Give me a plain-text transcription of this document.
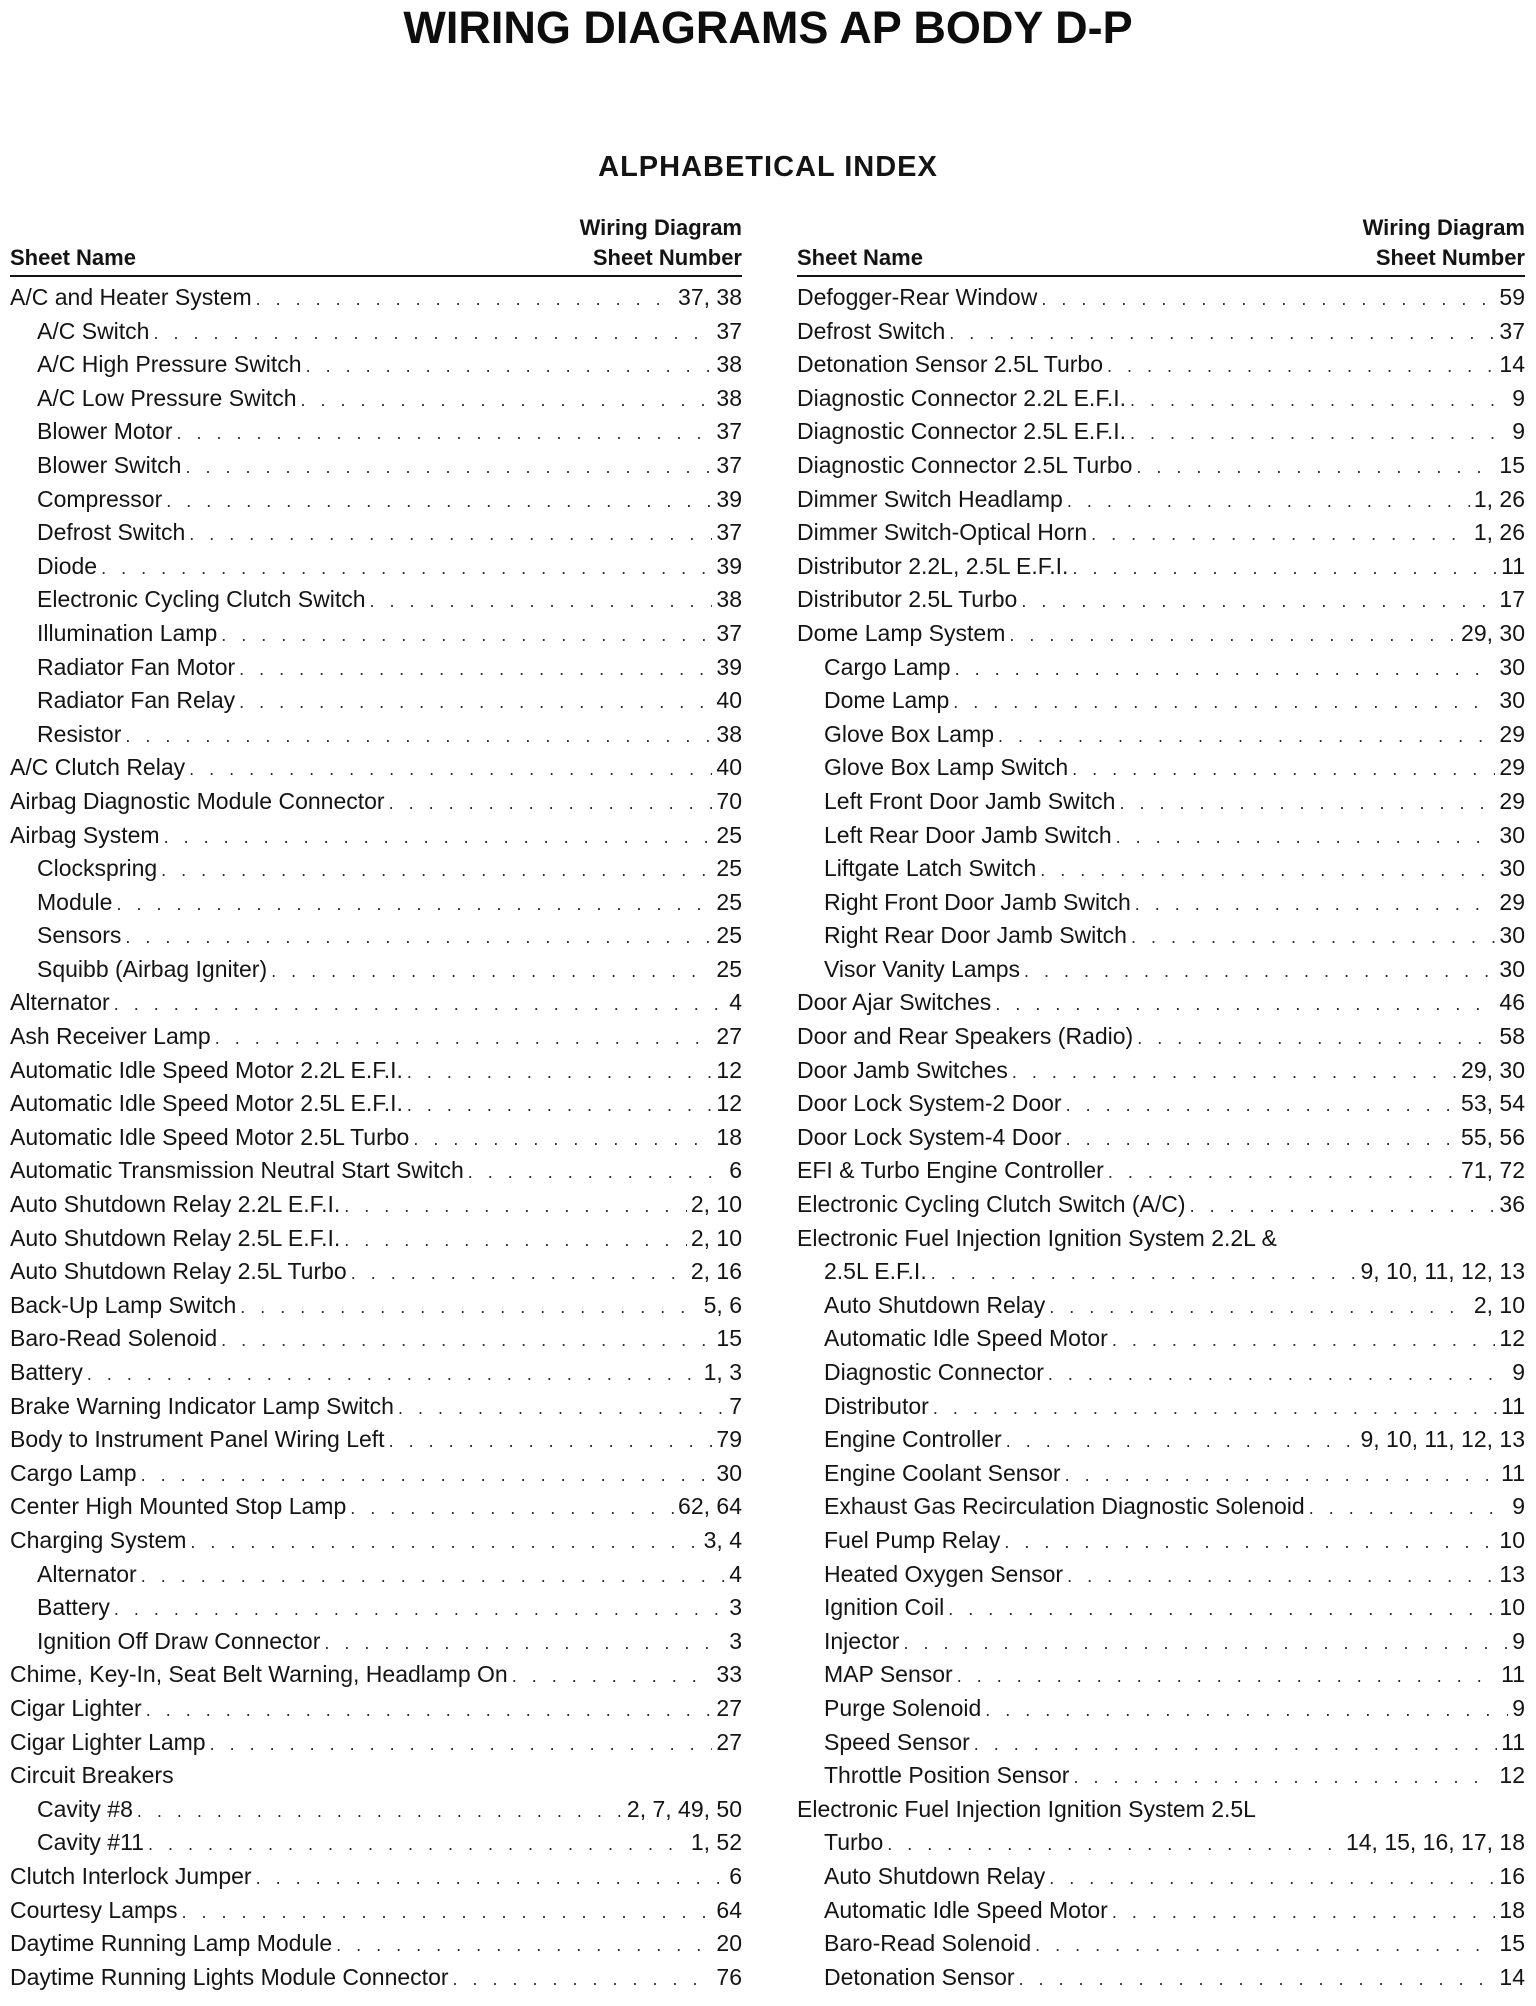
WIRING DIAGRAMS AP BODY D-P
ALPHABETICAL INDEX
Wiring Diagram
Sheet Number
Sheet Name
A/C and Heater System . . .	37, 38
A/C Switch . . .	37
A/C High Pressure Switch . . .	38
A/C Low Pressure Switch . . .	38
Blower Motor . . .	37
Blower Switch . . .	37
Compressor . . .	39
Defrost Switch . . .	37
Diode . . .	39
Electronic Cycling Clutch Switch . . .	38
Illumination Lamp . . .	37
Radiator Fan Motor . . .	39
Radiator Fan Relay . . .	40
Resistor . . .	38
A/C Clutch Relay . . .	40
Airbag Diagnostic Module Connector . . .	70
Airbag System . . .	25
Clockspring . . .	25
Module . . .	25
Sensors . . .	25
Squibb (Airbag Igniter) . . .	25
Alternator . . .	4
Ash Receiver Lamp . . .	27
Automatic Idle Speed Motor 2.2L E.F.I. . . .	12
Automatic Idle Speed Motor 2.5L E.F.I. . . .	12
Automatic Idle Speed Motor 2.5L Turbo . . .	18
Automatic Transmission Neutral Start Switch . . .	6
Auto Shutdown Relay 2.2L E.F.I. . . .	2, 10
Auto Shutdown Relay 2.5L E.F.I. . . .	2, 10
Auto Shutdown Relay 2.5L Turbo . . .	2, 16
Back-Up Lamp Switch . . .	5, 6
Baro-Read Solenoid . . .	15
Battery . . .	1, 3
Brake Warning Indicator Lamp Switch . . .	7
Body to Instrument Panel Wiring Left . . .	79
Cargo Lamp . . .	30
Center High Mounted Stop Lamp . . .	62, 64
Charging System . . .	3, 4
Alternator . . .	4
Battery . . .	3
Ignition Off Draw Connector . . .	3
Chime, Key-In, Seat Belt Warning, Headlamp On . . .	33
Cigar Lighter . . .	27
Cigar Lighter Lamp . . .	27
Circuit Breakers
Cavity #8 . . .	2, 7, 49, 50
Cavity #11 . . .	1, 52
Clutch Interlock Jumper . . .	6
Courtesy Lamps . . .	64
Daytime Running Lamp Module . . .	20
Daytime Running Lights Module Connector . . .	76
Wiring Diagram
Sheet Number
Sheet Name
Defogger-Rear Window . . .	59
Defrost Switch . . .	37
Detonation Sensor 2.5L Turbo . . .	14
Diagnostic Connector 2.2L E.F.I. . . .	9
Diagnostic Connector 2.5L E.F.I. . . .	9
Diagnostic Connector 2.5L Turbo . . .	15
Dimmer Switch Headlamp . . .	1, 26
Dimmer Switch-Optical Horn . . .	1, 26
Distributor 2.2L, 2.5L E.F.I. . . .	11
Distributor 2.5L Turbo . . .	17
Dome Lamp System . . .	29, 30
Cargo Lamp . . .	30
Dome Lamp . . .	30
Glove Box Lamp . . .	29
Glove Box Lamp Switch . . .	29
Left Front Door Jamb Switch . . .	29
Left Rear Door Jamb Switch . . .	30
Liftgate Latch Switch . . .	30
Right Front Door Jamb Switch . . .	29
Right Rear Door Jamb Switch . . .	30
Visor Vanity Lamps . . .	30
Door Ajar Switches . . .	46
Door and Rear Speakers (Radio) . . .	58
Door Jamb Switches . . .	29, 30
Door Lock System-2 Door . . .	53, 54
Door Lock System-4 Door . . .	55, 56
EFI & Turbo Engine Controller . . .	71, 72
Electronic Cycling Clutch Switch (A/C) . . .	36
Electronic Fuel Injection Ignition System 2.2L &
2.5L E.F.I. . . .	9, 10, 11, 12, 13
Auto Shutdown Relay . . .	2, 10
Automatic Idle Speed Motor . . .	12
Diagnostic Connector . . .	9
Distributor . . .	11
Engine Controller . . .	9, 10, 11, 12, 13
Engine Coolant Sensor . . .	11
Exhaust Gas Recirculation Diagnostic Solenoid . . .	9
Fuel Pump Relay . . .	10
Heated Oxygen Sensor . . .	13
Ignition Coil . . .	10
Injector . . .	9
MAP Sensor . . .	11
Purge Solenoid . . .	9
Speed Sensor . . .	11
Throttle Position Sensor . . .	12
Electronic Fuel Injection Ignition System 2.5L
Turbo . . .	14, 15, 16, 17, 18
Auto Shutdown Relay . . .	16
Automatic Idle Speed Motor . . .	18
Baro-Read Solenoid . . .	15
Detonation Sensor . . .	14
